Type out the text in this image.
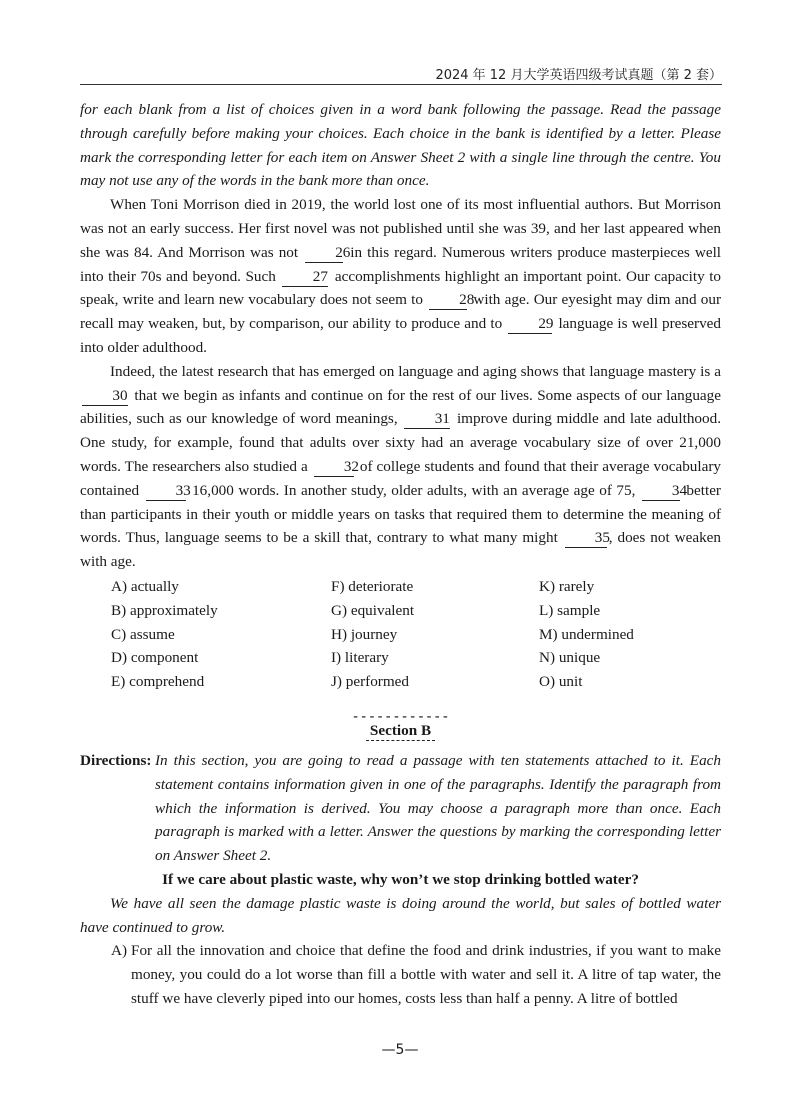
2024 年 12 月大学英语四级考试真题（第 2 套）

for each blank from a list of choices given in a word bank following the passage. Read the passage through carefully before making your choices. Each choice in the bank is identified by a letter. Please mark the corresponding letter for each item on Answer Sheet 2 with a single line through the centre. You may not use any of the words in the bank more than once.

When Toni Morrison died in 2019, the world lost one of its most influential authors. But Morrison was not an early success. Her first novel was not published until she was 39, and her last appeared when she was 84. And Morrison was not 26 in this regard. Numerous writers produce masterpieces well into their 70s and beyond. Such 27 accomplishments highlight an important point. Our capacity to speak, write and learn new vocabulary does not seem to 28 with age. Our eyesight may dim and our recall may weaken, but, by comparison, our ability to produce and to 29 language is well preserved into older adulthood.

Indeed, the latest research that has emerged on language and aging shows that language mastery is a 30 that we begin as infants and continue on for the rest of our lives. Some aspects of our language abilities, such as our knowledge of word meanings, 31 improve during middle and late adulthood. One study, for example, found that adults over sixty had an average vocabulary size of over 21,000 words. The researchers also studied a 32 of college students and found that their average vocabulary contained 33 16,000 words. In another study, older adults, with an average age of 75, 34 better than participants in their youth or middle years on tasks that required them to determine the meaning of words. Thus, language seems to be a skill that, contrary to what many might 35, does not weaken with age.

A) actually	F) deteriorate	K) rarely
B) approximately	G) equivalent	L) sample
C) assume	H) journey	M) undermined
D) component	I) literary	N) unique
E) comprehend	J) performed	O) unit
- - - - - - - - - - - -
Section B
Directions: In this section, you are going to read a passage with ten statements attached to it. Each statement contains information given in one of the paragraphs. Identify the paragraph from which the information is derived. You may choose a paragraph more than once. Each paragraph is marked with a letter. Answer the questions by marking the corresponding letter on Answer Sheet 2.

If we care about plastic waste, why won’t we stop drinking bottled water?

We have all seen the damage plastic waste is doing around the world, but sales of bottled water have continued to grow.

A) For all the innovation and choice that define the food and drink industries, if you want to make money, you could do a lot worse than fill a bottle with water and sell it. A litre of tap water, the stuff we have cleverly piped into our homes, costs less than half a penny. A litre of bottled
—5—
